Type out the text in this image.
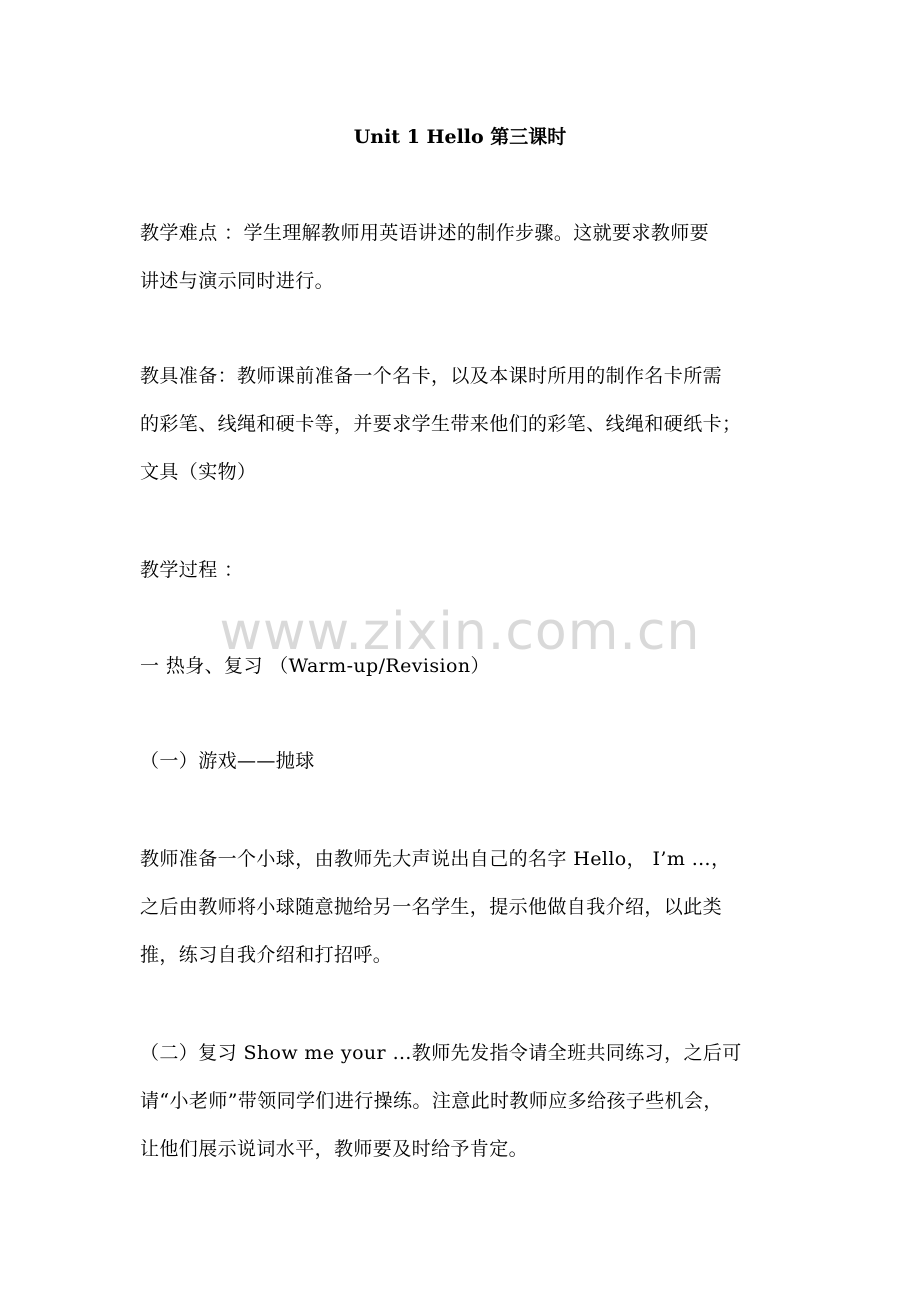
Unit 1 Hello 第三课时
教学难点 ：学生理解教师用英语讲述的制作步骤。这就要求教师要
讲述与演示同时进行。
教具准备：教师课前准备一个名卡，以及本课时所用的制作名卡所需
的彩笔、线绳和硬卡等，并要求学生带来他们的彩笔、线绳和硬纸卡；
文具（实物）
教学过程 ：
一 热身、复习 （Warm-up/Revision）
（一）游戏——抛球
教师准备一个小球，由教师先大声说出自己的名字 Hello， I’m …，
之后由教师将小球随意抛给另一名学生，提示他做自我介绍，以此类
推，练习自我介绍和打招呼。
（二）复习 Show me your …教师先发指令请全班共同练习，之后可
请“小老师”带领同学们进行操练。注意此时教师应多给孩子些机会，
让他们展示说词水平，教师要及时给予肯定。
www.zixin.com.cn
